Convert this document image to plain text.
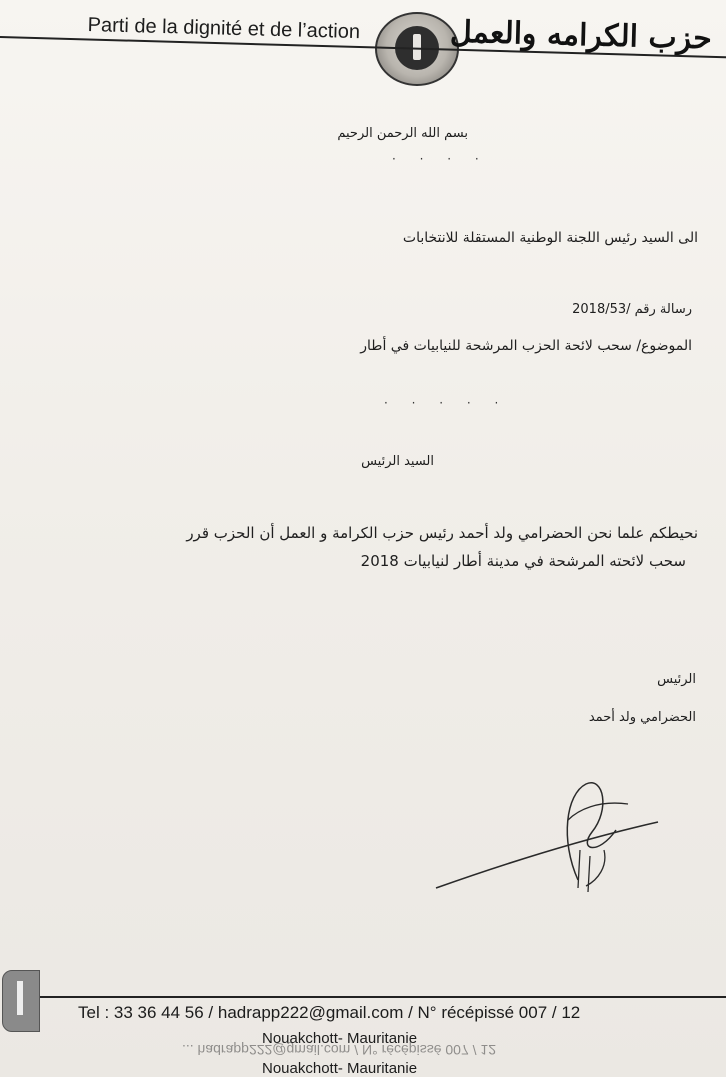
Parti de la dignité et de l’action	حزب الكرامه والعمل
بسم الله الرحمن الرحيم
· · · ·
الى السيد رئيس اللجنة الوطنية المستقلة للانتخابات
رسالة رقم /2018/53
الموضوع/ سحب لائحة الحزب المرشحة للنيابيات في أطار
· · · · ·
السيد الرئيس
نحيطكم علما نحن الحضرامي ولد أحمد رئيس حزب الكرامة و العمل أن الحزب قرر
سحب لائحته المرشحة في مدينة أطار لنيابيات 2018
الرئيس
الحضرامي ولد أحمد
Tel : 33 36 44 56 / hadrapp222@gmail.com / N° récépissé 007 / 12
Nouakchott- Mauritanie
... hadrapp222@gmail.com / N° récépissé 007 / 12
Nouakchott- Mauritanie
